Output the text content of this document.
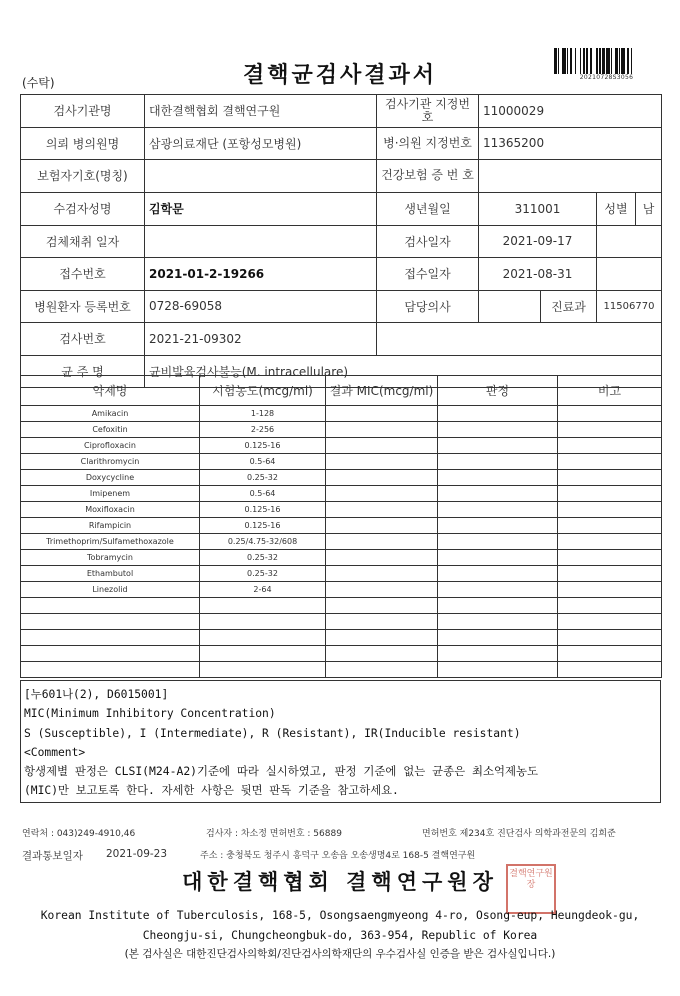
(수탁)	결핵균검사결과서	20210728S3056
검사기관명	대한결핵협회 결핵연구원	검사기관 지정번호	11000029		
의뢰 병의원명	삼광의료재단 (포항성모병원)	병·의원 지정번호	11365200		
보험자기호(명칭)		건강보험 증 번 호			
수검자성명	김학문	생년월일	311001		성별 남

검체채취 일자		검사일자	2021-09-17		
접수번호	2021-01-2-19266	접수일자	2021-08-31		
병원환자 등록번호	0728-69058	담당의사		진료과	11506770
검사번호	2021-21-09302				
균 주 명	균비발육검사불능(M. intracellulare)				
약제명	시험농도(mcg/ml)	결과 MIC(mcg/ml)	판정	비고
Amikacin	1-128			
Cefoxitin	2-256			
Ciprofloxacin	0.125-16			
Clarithromycin	0.5-64			
Doxycycline	0.25-32			
Imipenem	0.5-64			
Moxifloxacin	0.125-16			
Rifampicin	0.125-16			
Trimethoprim/Sulfamethoxazole	0.25/4.75-32/608			
Tobramycin	0.25-32			
Ethambutol	0.25-32			
Linezolid	2-64			

[누601나(2), D6015001]
MIC(Minimum Inhibitory Concentration)
S (Susceptible), I (Intermediate), R (Resistant), IR(Inducible resistant)
<Comment>
항생제별 판정은 CLSI(M24-A2)기준에 따라 실시하였고, 판정 기준에 없는 균종은 최소억제농도
(MIC)만 보고토록 한다. 자세한 사항은 뒷면 판독 기준을 참고하세요.
연락처 : 043)249-4910,46	검사자 : 차소정 면허번호 : 56889	면허번호 제234호 진단검사 의학과전문의 김희준
결과통보일자 2021-09-23	주소 : 충청북도 청주시 흥덕구 오송읍 오송생명4로 168-5 결핵연구원
대한결핵협회 결핵연구원장	결핵연구원장
Korean Institute of Tuberculosis, 168-5, Osongsaengmyeong 4-ro, Osong-eup, Heungdeok-gu,
Cheongju-si, Chungcheongbuk-do, 363-954, Republic of Korea
(본 검사실은 대한진단검사의학회/진단검사의학재단의 우수검사실 인증을 받은 검사실입니다.)
